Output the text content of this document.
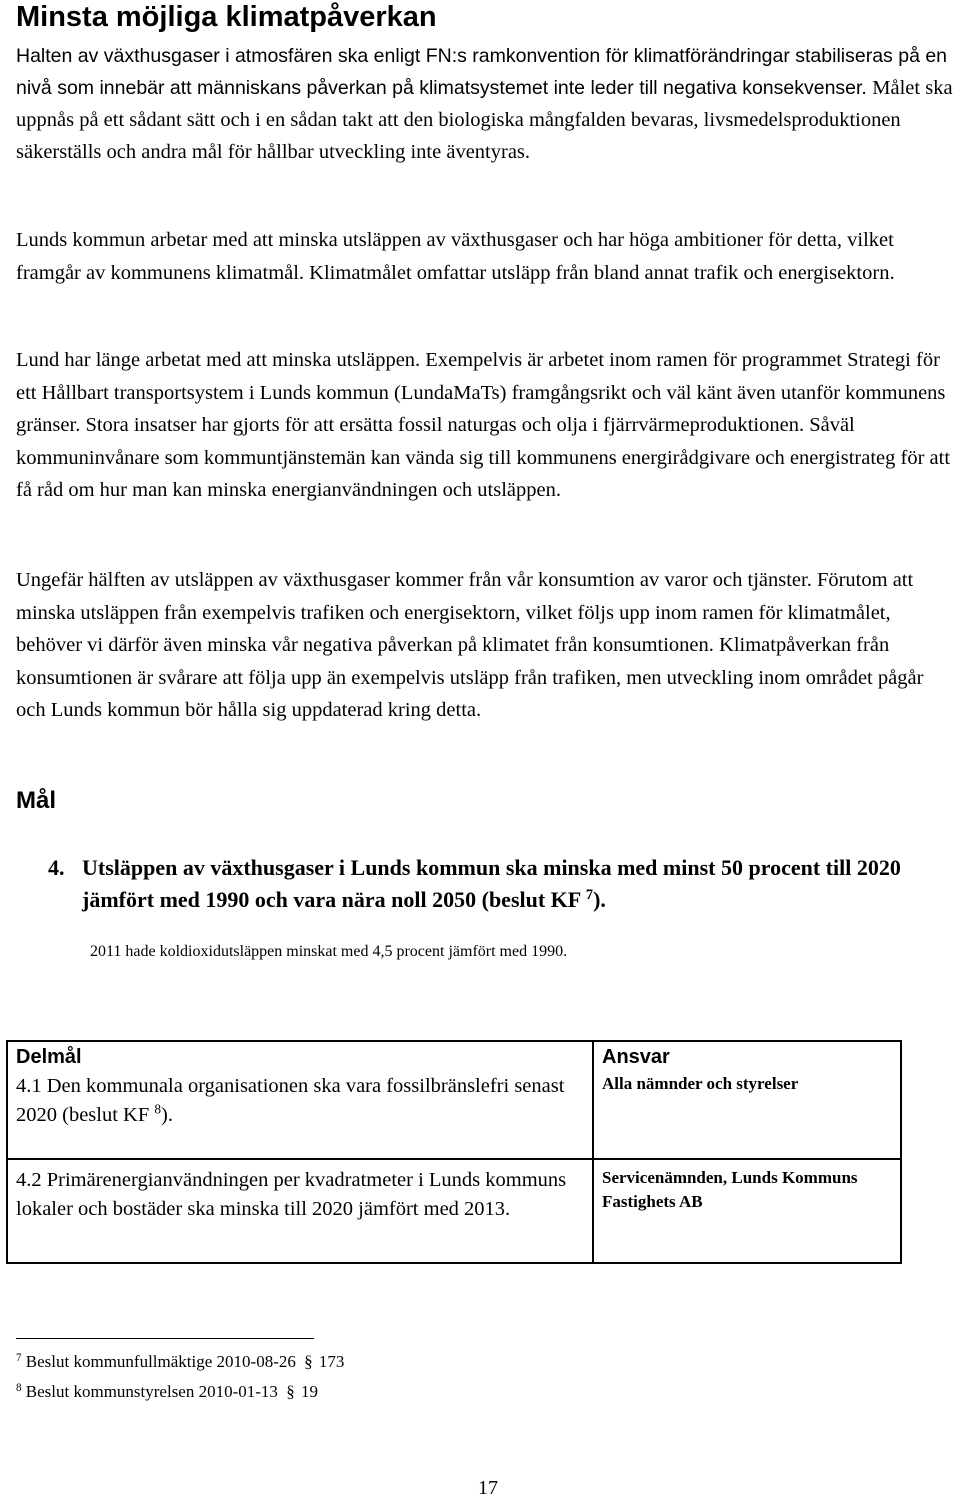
Minsta möjliga klimatpåverkan

Halten av växthusgaser i atmosfären ska enligt FN:s ramkonvention för klimatförändringar stabiliseras på en nivå som innebär att människans påverkan på klimatsystemet inte leder till negativa konsekvenser. Målet ska uppnås på ett sådant sätt och i en sådan takt att den biologiska mångfalden bevaras, livsmedelsproduktionen säkerställs och andra mål för hållbar utveckling inte äventyras.

Lunds kommun arbetar med att minska utsläppen av växthusgaser och har höga ambitioner för detta, vilket framgår av kommunens klimatmål. Klimatmålet omfattar utsläpp från bland annat trafik och energisektorn.

Lund har länge arbetat med att minska utsläppen. Exempelvis är arbetet inom ramen för programmet Strategi för ett Hållbart transportsystem i Lunds kommun (LundaMaTs) framgångsrikt och väl känt även utanför kommunens gränser. Stora insatser har gjorts för att ersätta fossil naturgas och olja i fjärrvärmeproduktionen. Såväl kommuninvånare som kommuntjänstemän kan vända sig till kommunens energirådgivare och energistrateg för att få råd om hur man kan minska energianvändningen och utsläppen.

Ungefär hälften av utsläppen av växthusgaser kommer från vår konsumtion av varor och tjänster. Förutom att minska utsläppen från exempelvis trafiken och energisektorn, vilket följs upp inom ramen för klimatmålet, behöver vi därför även minska vår negativa påverkan på klimatet från konsumtionen. Klimatpåverkan från konsumtionen är svårare att följa upp än exempelvis utsläpp från trafiken, men utveckling inom området pågår och Lunds kommun bör hålla sig uppdaterad kring detta.

Mål
4. Utsläppen av växthusgaser i Lunds kommun ska minska med minst 50 procent till 2020 jämfört med 1990 och vara nära noll 2050 (beslut KF $^7$).

2011 hade koldioxidutsläppen minskat med 4,5 procent jämfört med 1990.

Delmål	Ansvar
4.1 Den kommunala organisationen ska vara fossilbränslefri senast 2020 (beslut KF $^8$).	Alla nämnder och styrelser
4.2 Primärenergianvändningen per kvadratmeter i Lunds kommuns lokaler och bostäder ska minska till 2020 jämfört med 2013.	Servicenämnden, Lunds Kommuns Fastighets AB

$^7$ Beslut kommunfullmäktige 2010-08-26 § 173

$^8$ Beslut kommunstyrelsen 2010-01-13 § 19

17
